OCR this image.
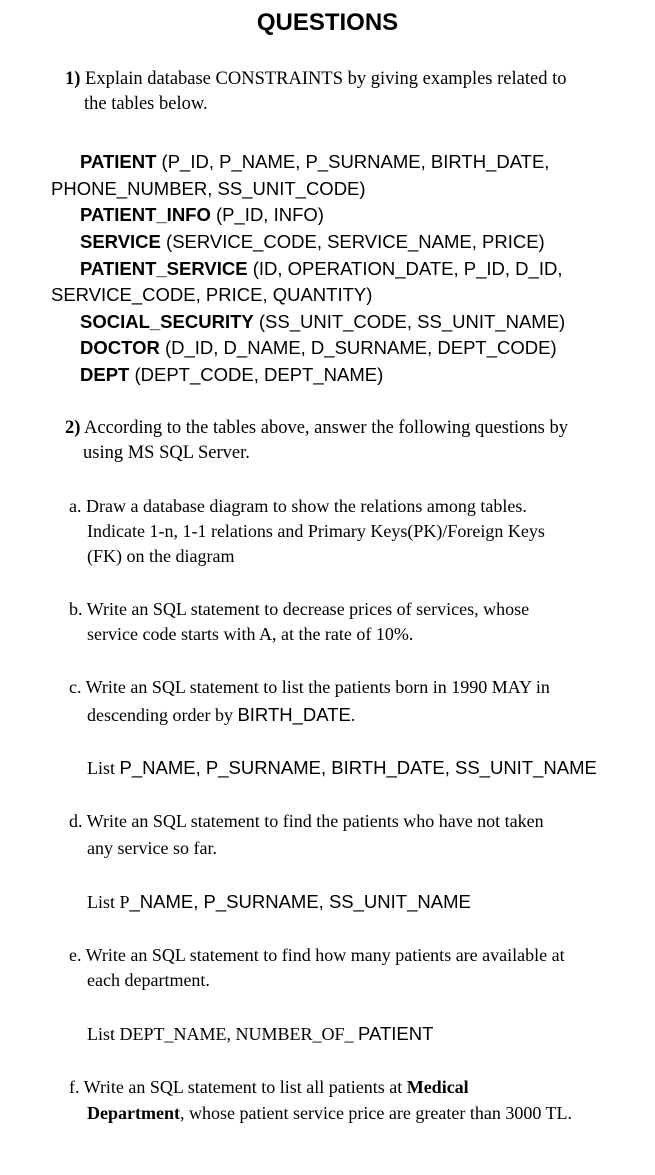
QUESTIONS
1) Explain database CONSTRAINTS by giving examples related to
the tables below.
PATIENT (P_ID, P_NAME, P_SURNAME, BIRTH_DATE,
PHONE_NUMBER, SS_UNIT_CODE)
PATIENT_INFO (P_ID, INFO)
SERVICE (SERVICE_CODE, SERVICE_NAME, PRICE)
PATIENT_SERVICE (ID, OPERATION_DATE, P_ID, D_ID,
SERVICE_CODE, PRICE, QUANTITY)
SOCIAL_SECURITY (SS_UNIT_CODE, SS_UNIT_NAME)
DOCTOR (D_ID, D_NAME, D_SURNAME, DEPT_CODE)
DEPT (DEPT_CODE, DEPT_NAME)
2) According to the tables above, answer the following questions by
using MS SQL Server.
a. Draw a database diagram to show the relations among tables.
Indicate 1-n, 1-1 relations and Primary Keys(PK)/Foreign Keys
(FK) on the diagram
b. Write an SQL statement to decrease prices of services, whose
service code starts with A, at the rate of 10%.
c. Write an SQL statement to list the patients born in 1990 MAY in
descending order by BIRTH_DATE.
List P_NAME, P_SURNAME, BIRTH_DATE, SS_UNIT_NAME
d. Write an SQL statement to find the patients who have not taken
any service so far.
List P_NAME, P_SURNAME, SS_UNIT_NAME
e. Write an SQL statement to find how many patients are available at
each department.
List DEPT_NAME, NUMBER_OF_ PATIENT
f. Write an SQL statement to list all patients at Medical
Department, whose patient service price are greater than 3000 TL.
